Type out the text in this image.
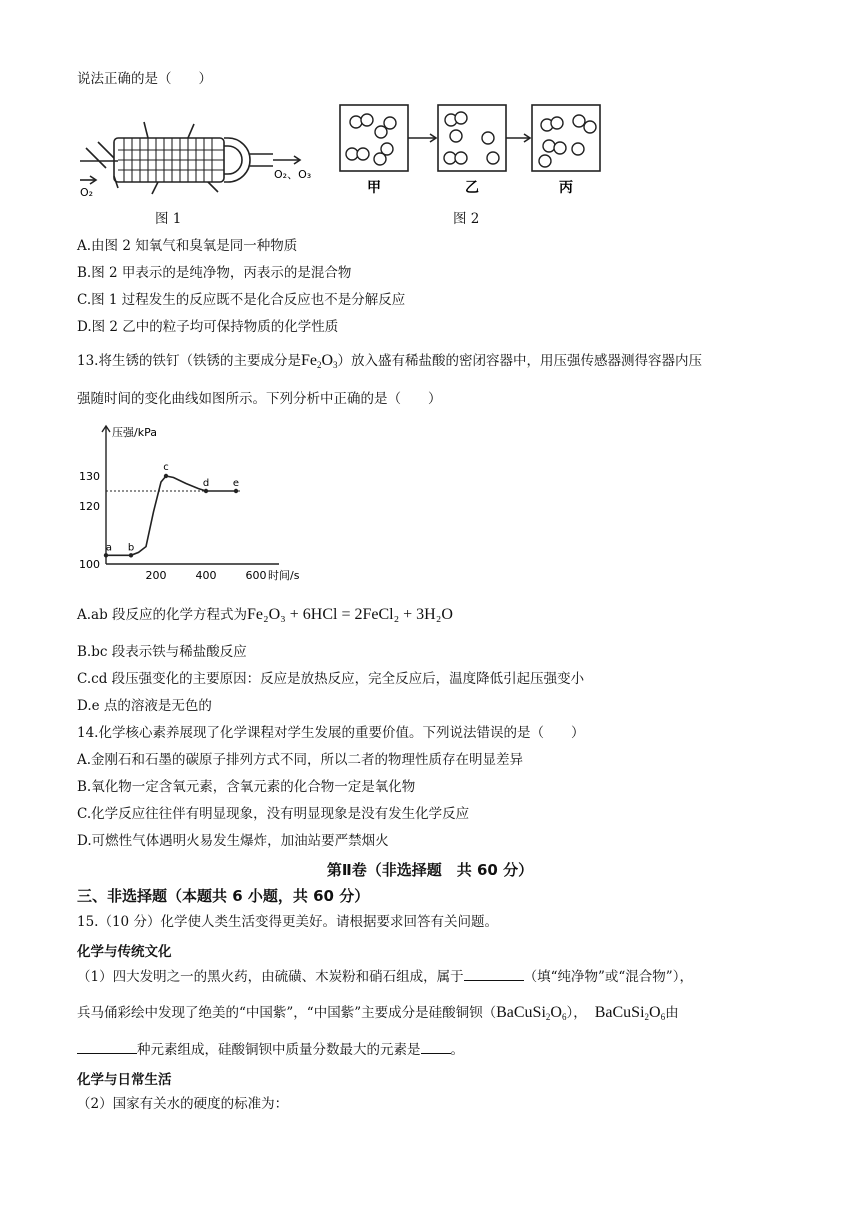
说法正确的是（　　）
O₂
O₂、O₃
甲	乙	丙
图 1	图 2
A.由图 2 知氧气和臭氧是同一种物质
B.图 2 甲表示的是纯净物，丙表示的是混合物
C.图 1 过程发生的反应既不是化合反应也不是分解反应
D.图 2 乙中的粒子均可保持物质的化学性质
13.将生锈的铁钉（铁锈的主要成分是$Fe_2O_3$）放入盛有稀盐酸的密闭容器中，用压强传感器测得容器内压
强随时间的变化曲线如图所示。下列分析中正确的是（　　）
压强/kPa
时间/s
100
120
130
200	400	600
a b
c
d e
A.ab 段反应的化学方程式为Fe₂O₃ + 6HCl = 2FeCl₂ + 3H₂O
B.bc 段表示铁与稀盐酸反应
C.cd 段压强变化的主要原因：反应是放热反应，完全反应后，温度降低引起压强变小
D.e 点的溶液是无色的
14.化学核心素养展现了化学课程对学生发展的重要价值。下列说法错误的是（　　）
A.金刚石和石墨的碳原子排列方式不同，所以二者的物理性质存在明显差异
B.氧化物一定含氧元素，含氧元素的化合物一定是氧化物
C.化学反应往往伴有明显现象，没有明显现象是没有发生化学反应
D.可燃性气体遇明火易发生爆炸，加油站要严禁烟火
第Ⅱ卷（非选择题　共 60 分）
三、非选择题（本题共 6 小题，共 60 分）
15.（10 分）化学使人类生活变得更美好。请根据要求回答有关问题。
化学与传统文化
（1）四大发明之一的黑火药，由硫磺、木炭粉和硝石组成，属于	（填“纯净物”或“混合物”），
兵马俑彩绘中发现了绝美的“中国紫”，“中国紫”主要成分是硅酸铜钡$(BaCuSi_2O_6)$， $BaCuSi_2O_6$由
种元素组成，硅酸铜钡中质量分数最大的元素是 。
化学与日常生活
（2）国家有关水的硬度的标准为：
